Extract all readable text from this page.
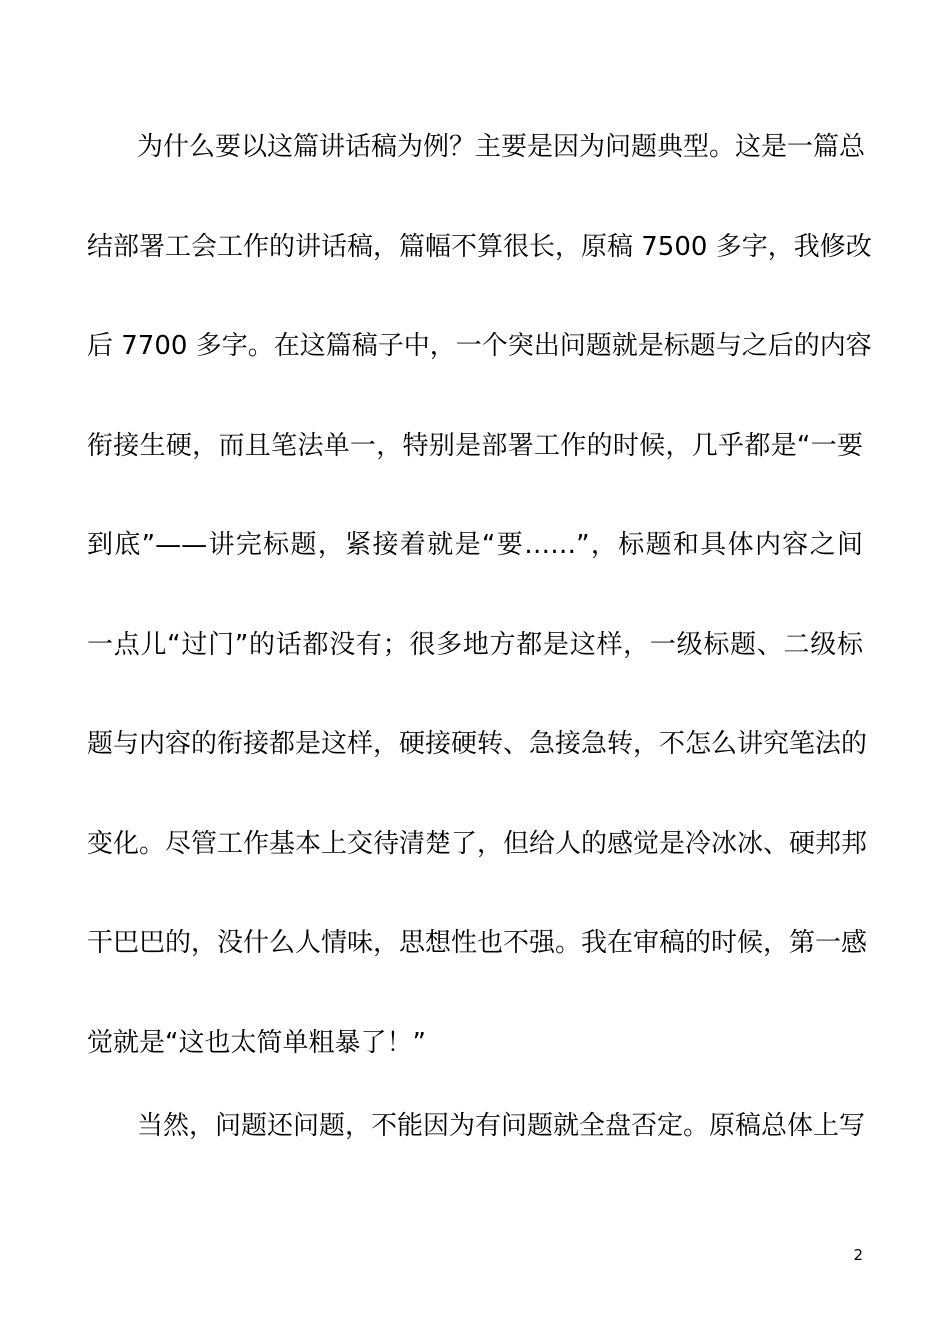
为什么要以这篇讲话稿为例？主要是因为问题典型。这是一篇总
结部署工会工作的讲话稿，篇幅不算很长，原稿 7500 多字，我修改
后 7700 多字。在这篇稿子中，一个突出问题就是标题与之后的内容
衔接生硬，而且笔法单一，特别是部署工作的时候，几乎都是“一要
到底”——讲完标题，紧接着就是“要……”，标题和具体内容之间
一点儿“过门”的话都没有；很多地方都是这样，一级标题、二级标
题与内容的衔接都是这样，硬接硬转、急接急转，不怎么讲究笔法的
变化。尽管工作基本上交待清楚了，但给人的感觉是冷冰冰、硬邦邦
干巴巴的，没什么人情味，思想性也不强。我在审稿的时候，第一感
觉就是“这也太简单粗暴了！”
当然，问题还问题，不能因为有问题就全盘否定。原稿总体上写
2
